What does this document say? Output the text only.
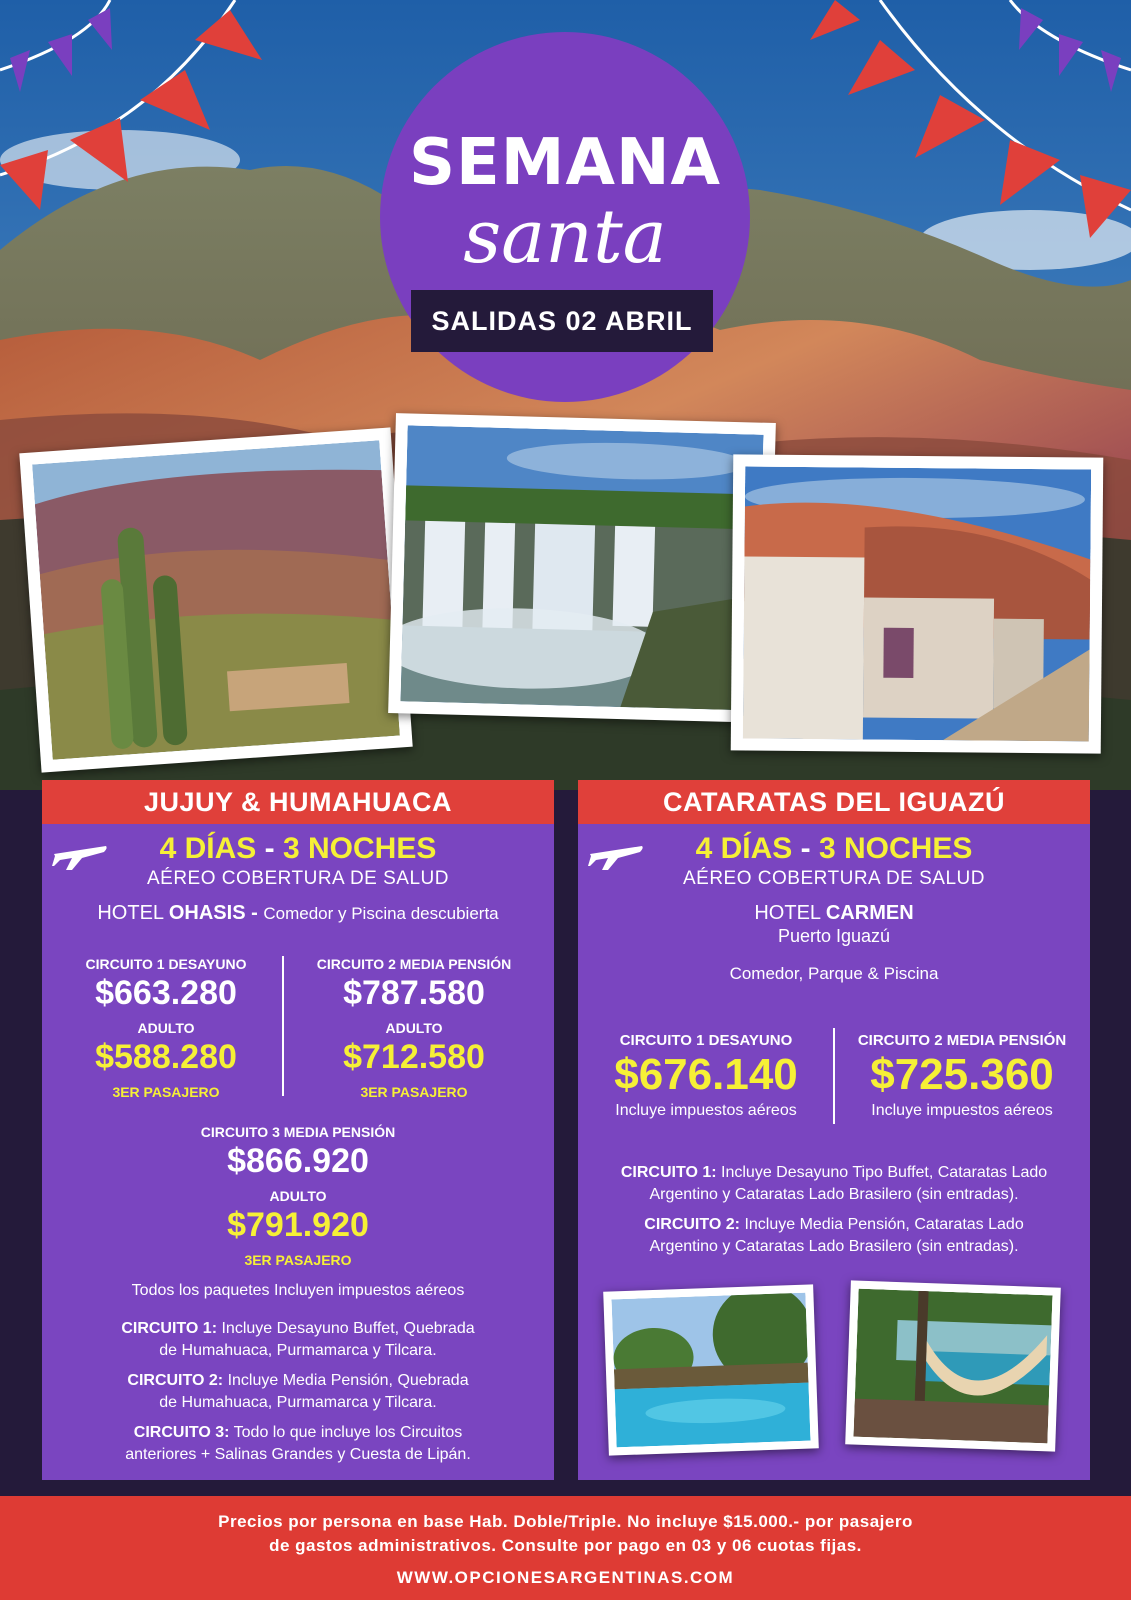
SEMANA
santa
SALIDAS 02 ABRIL
JUJUY & HUMAHUACA
4 DÍAS - 3 NOCHES
AÉREO COBERTURA DE SALUD
HOTEL OHASIS - Comedor y Piscina descubierta
CIRCUITO 1 DESAYUNO
$663.280
ADULTO
$588.280
3ER PASAJERO
CIRCUITO 2 MEDIA PENSIÓN
$787.580
ADULTO
$712.580
3ER PASAJERO
CIRCUITO 3 MEDIA PENSIÓN
$866.920
ADULTO
$791.920
3ER PASAJERO
Todos los paquetes Incluyen impuestos aéreos
CIRCUITO 1: Incluye Desayuno Buffet, Quebrada
de Humahuaca, Purmamarca y Tilcara.
CIRCUITO 2: Incluye Media Pensión, Quebrada
de Humahuaca, Purmamarca y Tilcara.
CIRCUITO 3: Todo lo que incluye los Circuitos
anteriores + Salinas Grandes y Cuesta de Lipán.
CATARATAS DEL IGUAZÚ
4 DÍAS - 3 NOCHES
AÉREO COBERTURA DE SALUD
HOTEL CARMEN
Puerto Iguazú
Comedor, Parque & Piscina
CIRCUITO 1 DESAYUNO
$676.140
Incluye impuestos aéreos
CIRCUITO 2 MEDIA PENSIÓN
$725.360
Incluye impuestos aéreos
CIRCUITO 1: Incluye Desayuno Tipo Buffet, Cataratas Lado
Argentino y Cataratas Lado Brasilero (sin entradas).
CIRCUITO 2: Incluye Media Pensión, Cataratas Lado
Argentino y Cataratas Lado Brasilero (sin entradas).
Precios por persona en base Hab. Doble/Triple. No incluye $15.000.- por pasajero
de gastos administrativos. Consulte por pago en 03 y 06 cuotas fijas.
WWW.OPCIONESARGENTINAS.COM
